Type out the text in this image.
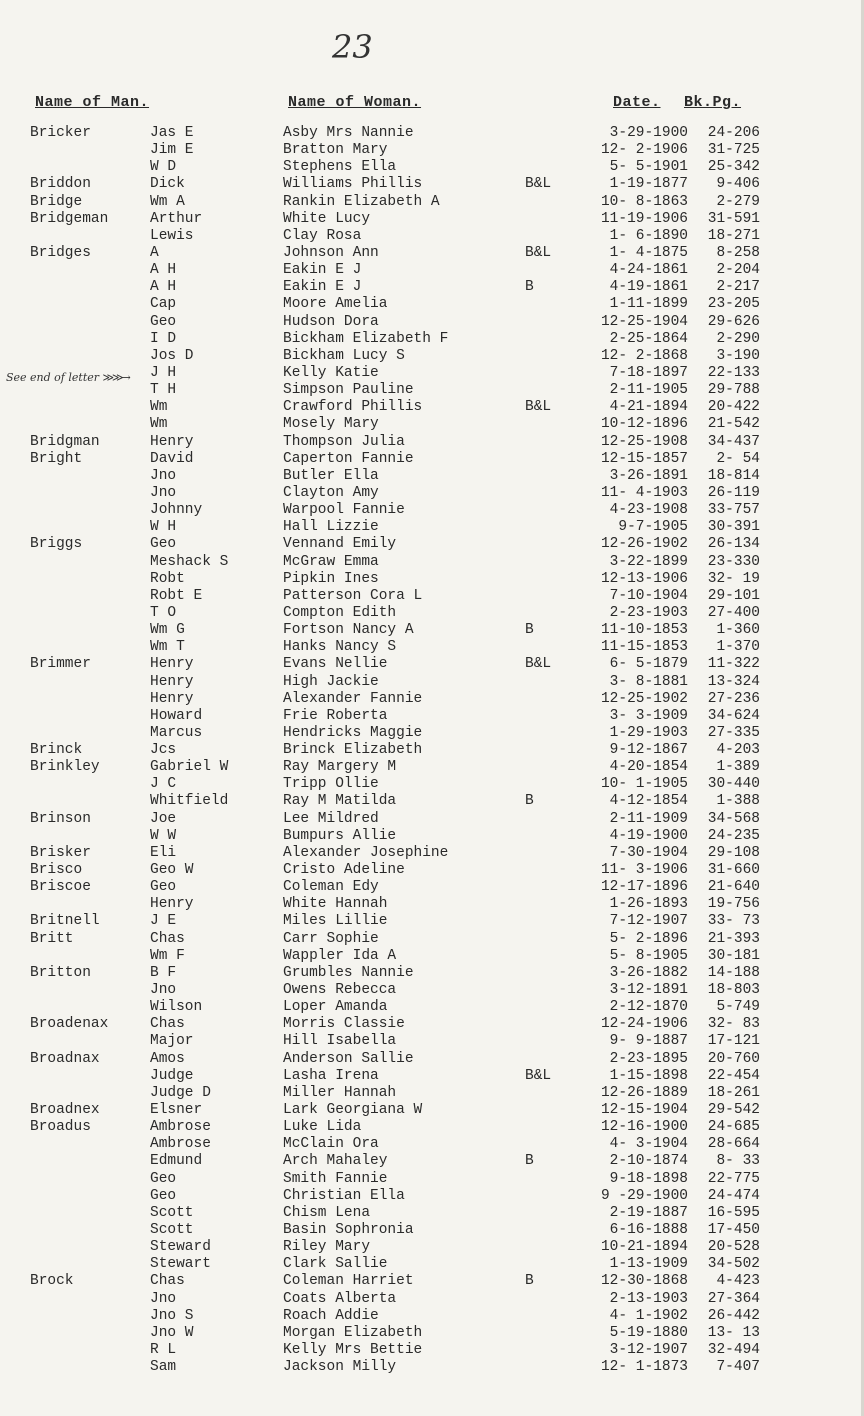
23
Name of Man.	Name of Woman.	Date. Bk.Pg.
See end of letter ≫≫→
Bricker	Jas E	Asby Mrs Nannie	3-29-1900	24-206
Jim E	Bratton Mary	12- 2-1906	31-725
W D	Stephens Ella	5- 5-1901	25-342
Briddon	Dick	Williams Phillis	B&L	1-19-1877	9-406
Bridge	Wm A	Rankin Elizabeth A	10- 8-1863	2-279
Bridgeman	Arthur	White Lucy	11-19-1906	31-591
Lewis	Clay Rosa	1- 6-1890	18-271
Bridges	A	Johnson Ann	B&L	1- 4-1875	8-258
A H	Eakin E J	4-24-1861	2-204
A H	Eakin E J	B	4-19-1861	2-217
Cap	Moore Amelia	1-11-1899	23-205
Geo	Hudson Dora	12-25-1904	29-626
I D	Bickham Elizabeth F	2-25-1864	2-290
Jos D	Bickham Lucy S	12- 2-1868	3-190
J H	Kelly Katie	7-18-1897	22-133
T H	Simpson Pauline	2-11-1905	29-788
Wm	Crawford Phillis	B&L	4-21-1894	20-422
Wm	Mosely Mary	10-12-1896	21-542
Bridgman	Henry	Thompson Julia	12-25-1908	34-437
Bright	David	Caperton Fannie	12-15-1857	2- 54
Jno	Butler Ella	3-26-1891	18-814
Jno	Clayton Amy	11- 4-1903	26-119
Johnny	Warpool Fannie	4-23-1908	33-757
W H	Hall Lizzie	9-7-1905	30-391
Briggs	Geo	Vennand Emily	12-26-1902	26-134
Meshack S	McGraw Emma	3-22-1899	23-330
Robt	Pipkin Ines	12-13-1906	32- 19
Robt E	Patterson Cora L	7-10-1904	29-101
T O	Compton Edith	2-23-1903	27-400
Wm G	Fortson Nancy A	B	11-10-1853	1-360
Wm T	Hanks Nancy S	11-15-1853	1-370
Brimmer	Henry	Evans Nellie	B&L	6- 5-1879	11-322
Henry	High Jackie	3- 8-1881	13-324
Henry	Alexander Fannie	12-25-1902	27-236
Howard	Frie Roberta	3- 3-1909	34-624
Marcus	Hendricks Maggie	1-29-1903	27-335
Brinck	Jcs	Brinck Elizabeth	9-12-1867	4-203
Brinkley	Gabriel W	Ray Margery M	4-20-1854	1-389
J C	Tripp Ollie	10- 1-1905	30-440
Whitfield	Ray M Matilda	B	4-12-1854	1-388
Brinson	Joe	Lee Mildred	2-11-1909	34-568
W W	Bumpurs Allie	4-19-1900	24-235
Brisker	Eli	Alexander Josephine	7-30-1904	29-108
Brisco	Geo W	Cristo Adeline	11- 3-1906	31-660
Briscoe	Geo	Coleman Edy	12-17-1896	21-640
Henry	White Hannah	1-26-1893	19-756
Britnell	J E	Miles Lillie	7-12-1907	33- 73
Britt	Chas	Carr Sophie	5- 2-1896	21-393
Wm F	Wappler Ida A	5- 8-1905	30-181
Britton	B F	Grumbles Nannie	3-26-1882	14-188
Jno	Owens Rebecca	3-12-1891	18-803
Wilson	Loper Amanda	2-12-1870	5-749
Broadenax	Chas	Morris Classie	12-24-1906	32- 83
Major	Hill Isabella	9- 9-1887	17-121
Broadnax	Amos	Anderson Sallie	2-23-1895	20-760
Judge	Lasha Irena	B&L	1-15-1898	22-454
Judge D	Miller Hannah	12-26-1889	18-261
Broadnex	Elsner	Lark Georgiana W	12-15-1904	29-542
Broadus	Ambrose	Luke Lida	12-16-1900	24-685
Ambrose	McClain Ora	4- 3-1904	28-664
Edmund	Arch Mahaley	B	2-10-1874	8- 33
Geo	Smith Fannie	9-18-1898	22-775
Geo	Christian Ella	9 -29-1900	24-474
Scott	Chism Lena	2-19-1887	16-595
Scott	Basin Sophronia	6-16-1888	17-450
Steward	Riley Mary	10-21-1894	20-528
Stewart	Clark Sallie	1-13-1909	34-502
Brock	Chas	Coleman Harriet	B	12-30-1868	4-423
Jno	Coats Alberta	2-13-1903	27-364
Jno S	Roach Addie	4- 1-1902	26-442
Jno W	Morgan Elizabeth	5-19-1880	13- 13
R L	Kelly Mrs Bettie	3-12-1907	32-494
Sam	Jackson Milly	12- 1-1873	7-407
